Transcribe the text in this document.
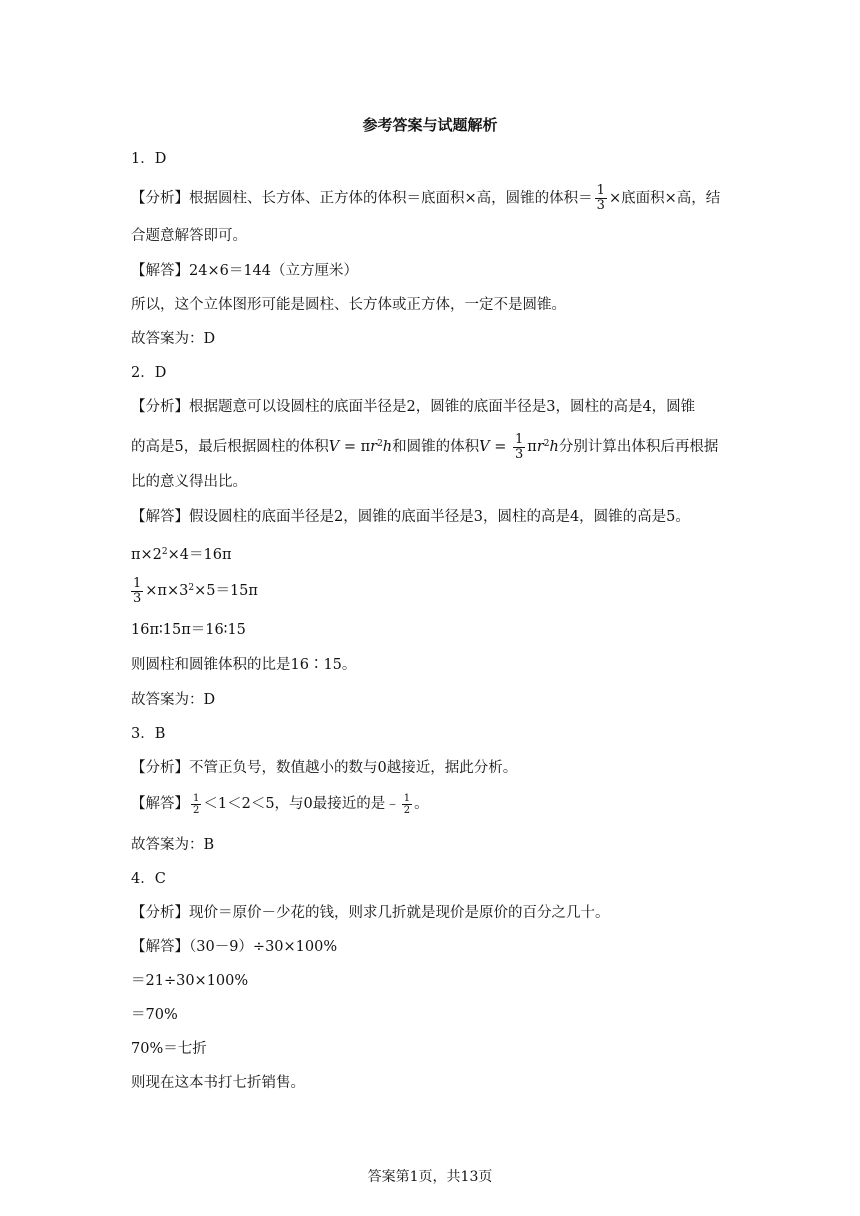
参考答案与试题解析
1．D
【分析】根据圆柱、长方体、正方体的体积＝底面积×高，圆锥的体积＝ $\frac{1}{3}$ ×底面积×高，结
合题意解答即可。
【解答】24×6＝144（立方厘米）
所以，这个立体图形可能是圆柱、长方体或正方体，一定不是圆锥。
故答案为：D
2．D
【分析】根据题意可以设圆柱的底面半径是2，圆锥的底面半径是3，圆柱的高是4，圆锥
的高是5，最后根据圆柱的体积$V = \pi r^2h$和圆锥的体积$V = \frac{1}{3} \pi r^2h$分别计算出体积后再根据
比的意义得出比。
【解答】假设圆柱的底面半径是2，圆锥的底面半径是3，圆柱的高是4，圆锥的高是5。
$\pi\times 2^2\times 4=16\pi$
$\frac{1}{3} \times\pi\times 3^2\times 5=15\pi$
16π∶15π＝16∶15
则圆柱和圆锥体积的比是16∶15。
故答案为：D
3．B
【分析】不管正负号，数值越小的数与0越接近，据此分析。
【解答】 $\frac{1}{2} <1<2<5$，与0最接近的是﹣ $\frac{1}{2}$ 。
故答案为：B
4．C
【分析】现价＝原价－少花的钱，则求几折就是现价是原价的百分之几十。
【解答】（30－9）÷30×100%
＝21÷30×100%
＝70%
70%＝七折
则现在这本书打七折销售。
答案第1页，共13页
